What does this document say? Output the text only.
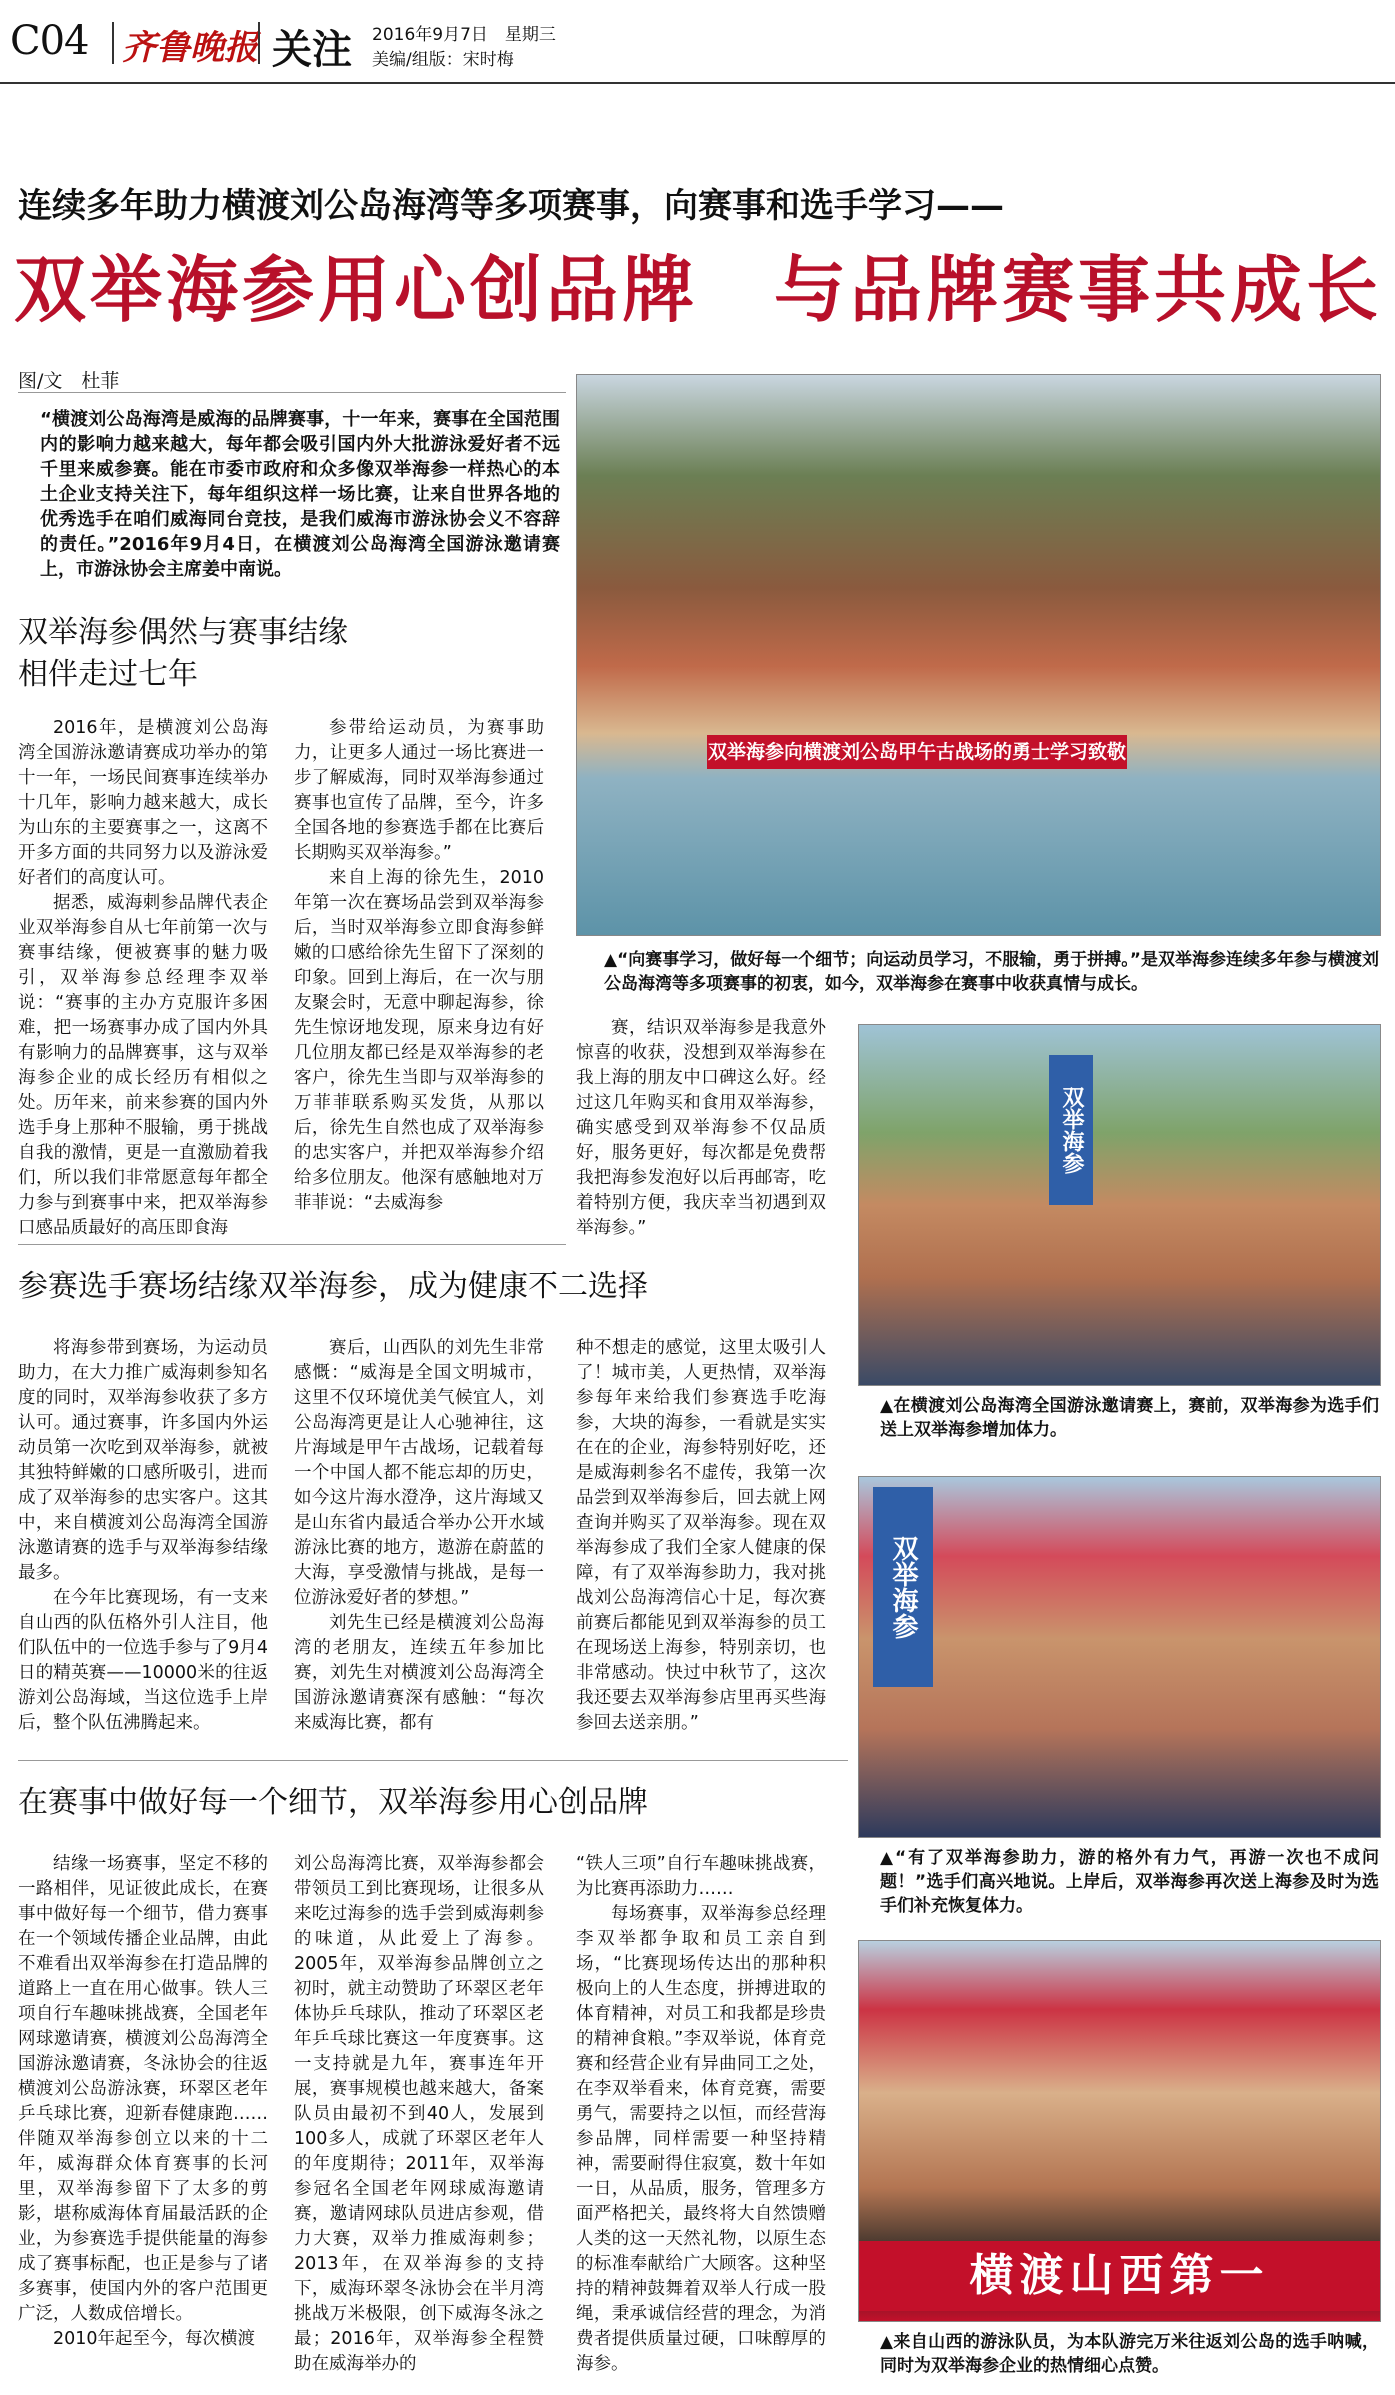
C04 齐鲁晚报 关注 2016年9月7日　星期三
美编/组版：宋时梅
连续多年助力横渡刘公岛海湾等多项赛事，向赛事和选手学习——
双举海参用心创品牌　与品牌赛事共成长
图/文　杜菲
“横渡刘公岛海湾是威海的品牌赛事，十一年来，赛事在全国范围内的影响力越来越大，每年都会吸引国内外大批游泳爱好者不远千里来威参赛。能在市委市政府和众多像双举海参一样热心的本土企业支持关注下，每年组织这样一场比赛，让来自世界各地的优秀选手在咱们威海同台竞技，是我们威海市游泳协会义不容辞的责任。”2016年9月4日，在横渡刘公岛海湾全国游泳邀请赛上，市游泳协会主席姜中南说。
双举海参偶然与赛事结缘
相伴走过七年

2016年，是横渡刘公岛海湾全国游泳邀请赛成功举办的第十一年，一场民间赛事连续举办十几年，影响力越来越大，成长为山东的主要赛事之一，这离不开多方面的共同努力以及游泳爱好者们的高度认可。

据悉，威海刺参品牌代表企业双举海参自从七年前第一次与赛事结缘，便被赛事的魅力吸引，双举海参总经理李双举说：“赛事的主办方克服许多困难，把一场赛事办成了国内外具有影响力的品牌赛事，这与双举海参企业的成长经历有相似之处。历年来，前来参赛的国内外选手身上那种不服输，勇于挑战自我的激情，更是一直激励着我们，所以我们非常愿意每年都全力参与到赛事中来，把双举海参口感品质最好的高压即食海

参带给运动员，为赛事助力，让更多人通过一场比赛进一步了解威海，同时双举海参通过赛事也宣传了品牌，至今，许多全国各地的参赛选手都在比赛后长期购买双举海参。”

来自上海的徐先生，2010年第一次在赛场品尝到双举海参后，当时双举海参立即食海参鲜嫩的口感给徐先生留下了深刻的印象。回到上海后，在一次与朋友聚会时，无意中聊起海参，徐先生惊讶地发现，原来身边有好几位朋友都已经是双举海参的老客户，徐先生当即与双举海参的万菲菲联系购买发货，从那以后，徐先生自然也成了双举海参的忠实客户，并把双举海参介绍给多位朋友。他深有感触地对万菲菲说：“去威海参

赛，结识双举海参是我意外惊喜的收获，没想到双举海参在我上海的朋友中口碑这么好。经过这几年购买和食用双举海参，确实感受到双举海参不仅品质好，服务更好，每次都是免费帮我把海参发泡好以后再邮寄，吃着特别方便，我庆幸当初遇到双举海参。”

双举海参向横渡刘公岛甲午古战场的勇士学习致敬
▲“向赛事学习，做好每一个细节；向运动员学习，不服输，勇于拼搏。”是双举海参连续多年参与横渡刘公岛海湾等多项赛事的初衷，如今，双举海参在赛事中收获真情与成长。
参赛选手赛场结缘双举海参，成为健康不二选择

将海参带到赛场，为运动员助力，在大力推广威海刺参知名度的同时，双举海参收获了多方认可。通过赛事，许多国内外运动员第一次吃到双举海参，就被其独特鲜嫩的口感所吸引，进而成了双举海参的忠实客户。这其中，来自横渡刘公岛海湾全国游泳邀请赛的选手与双举海参结缘最多。

在今年比赛现场，有一支来自山西的队伍格外引人注目，他们队伍中的一位选手参与了9月4日的精英赛——10000米的往返游刘公岛海域，当这位选手上岸后，整个队伍沸腾起来。

赛后，山西队的刘先生非常感慨：“威海是全国文明城市，这里不仅环境优美气候宜人，刘公岛海湾更是让人心驰神往，这片海域是甲午古战场，记载着每一个中国人都不能忘却的历史，如今这片海水澄净，这片海域又是山东省内最适合举办公开水域游泳比赛的地方，遨游在蔚蓝的大海，享受激情与挑战，是每一位游泳爱好者的梦想。”

刘先生已经是横渡刘公岛海湾的老朋友，连续五年参加比赛，刘先生对横渡刘公岛海湾全国游泳邀请赛深有感触：“每次来威海比赛，都有

种不想走的感觉，这里太吸引人了！城市美，人更热情，双举海参每年来给我们参赛选手吃海参，大块的海参，一看就是实实在在的企业，海参特别好吃，还是威海刺参名不虚传，我第一次品尝到双举海参后，回去就上网查询并购买了双举海参。现在双举海参成了我们全家人健康的保障，有了双举海参助力，我对挑战刘公岛海湾信心十足，每次赛前赛后都能见到双举海参的员工在现场送上海参，特别亲切，也非常感动。快过中秋节了，这次我还要去双举海参店里再买些海参回去送亲朋。”

双举海参
▲在横渡刘公岛海湾全国游泳邀请赛上，赛前，双举海参为选手们送上双举海参增加体力。
双举海参
▲“有了双举海参助力，游的格外有力气，再游一次也不成问题！”选手们高兴地说。上岸后，双举海参再次送上海参及时为选手们补充恢复体力。
在赛事中做好每一个细节，双举海参用心创品牌

结缘一场赛事，坚定不移的一路相伴，见证彼此成长，在赛事中做好每一个细节，借力赛事在一个领域传播企业品牌，由此不难看出双举海参在打造品牌的道路上一直在用心做事。铁人三项自行车趣味挑战赛，全国老年网球邀请赛，横渡刘公岛海湾全国游泳邀请赛，冬泳协会的往返横渡刘公岛游泳赛，环翠区老年乒乓球比赛，迎新春健康跑……伴随双举海参创立以来的十二年，威海群众体育赛事的长河里，双举海参留下了太多的剪影，堪称威海体育届最活跃的企业，为参赛选手提供能量的海参成了赛事标配，也正是参与了诸多赛事，使国内外的客户范围更广泛，人数成倍增长。

2010年起至今，每次横渡

刘公岛海湾比赛，双举海参都会带领员工到比赛现场，让很多从来吃过海参的选手尝到威海刺参的味道，从此爱上了海参。2005年，双举海参品牌创立之初时，就主动赞助了环翠区老年体协乒乓球队，推动了环翠区老年乒乓球比赛这一年度赛事。这一支持就是九年，赛事连年开展，赛事规模也越来越大，备案队员由最初不到40人，发展到100多人，成就了环翠区老年人的年度期待；2011年，双举海参冠名全国老年网球威海邀请赛，邀请网球队员进店参观，借力大赛，双举力推威海刺参；2013年，在双举海参的支持下，威海环翠冬泳协会在半月湾挑战万米极限，创下威海冬泳之最；2016年，双举海参全程赞助在威海举办的

“铁人三项”自行车趣味挑战赛，为比赛再添助力……

每场赛事，双举海参总经理李双举都争取和员工亲自到场，“比赛现场传达出的那种积极向上的人生态度，拼搏进取的体育精神，对员工和我都是珍贵的精神食粮。”李双举说，体育竞赛和经营企业有异曲同工之处，在李双举看来，体育竞赛，需要勇气，需要持之以恒，而经营海参品牌，同样需要一种坚持精神，需要耐得住寂寞，数十年如一日，从品质，服务，管理多方面严格把关，最终将大自然馈赠人类的这一天然礼物，以原生态的标准奉献给广大顾客。这种坚持的精神鼓舞着双举人行成一股绳，秉承诚信经营的理念，为消费者提供质量过硬，口味醇厚的海参。

横渡山西第一
▲来自山西的游泳队员，为本队游完万米往返刘公岛的选手呐喊，同时为双举海参企业的热情细心点赞。
